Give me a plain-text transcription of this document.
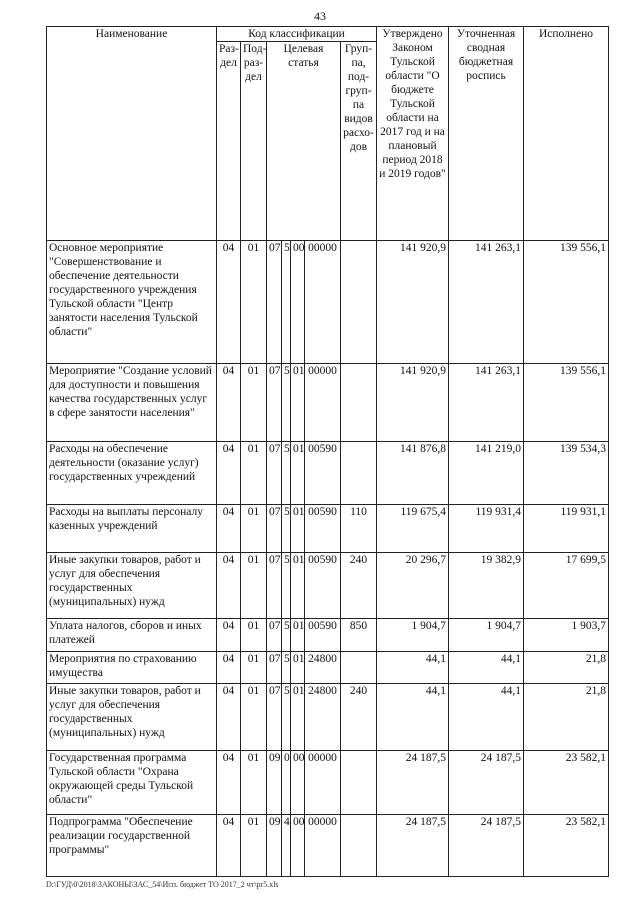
43
Наименование	Код классификации							Утверждено Законом Тульской области "О бюджете Тульской области на 2017 год и на плановый период 2018 и 2019 годов"	Уточненная сводная бюджетная роспись	Исполнено
	Раз-дел	Под-раз-дел	Целевая статья				Груп-па, под-груп-па видов расхо-дов			
Основное мероприятие "Совершенствование и обеспечение деятельности государственного учреждения Тульской области "Центр занятости населения Тульской области"	04	01	07	5	00	00000		141 920,9	141 263,1	139 556,1
Мероприятие "Создание условий для доступности и повышения качества государственных услуг в сфере занятости населения"	04	01	07	5	01	00000		141 920,9	141 263,1	139 556,1
Расходы на обеспечение деятельности (оказание услуг) государственных учреждений	04	01	07	5	01	00590		141 876,8	141 219,0	139 534,3
Расходы на выплаты персоналу казенных учреждений	04	01	07	5	01	00590	110	119 675,4	119 931,4	119 931,1
Иные закупки товаров, работ и услуг для обеспечения государственных (муниципальных) нужд	04	01	07	5	01	00590	240	20 296,7	19 382,9	17 699,5
Уплата налогов, сборов и иных платежей	04	01	07	5	01	00590	850	1 904,7	1 904,7	1 903,7
Мероприятия по страхованию имущества	04	01	07	5	01	24800		44,1	44,1	21,8
Иные закупки товаров, работ и услуг для обеспечения государственных (муниципальных) нужд	04	01	07	5	01	24800	240	44,1	44,1	21,8
Государственная программа Тульской области "Охрана окружающей среды Тульской области"	04	01	09	0	00	00000		24 187,5	24 187,5	23 582,1
Подпрограмма "Обеспечение реализации государственной программы"	04	01	09	4	00	00000		24 187,5	24 187,5	23 582,1
D:\ГУД\0\2018\ЗАКОНЫ\ЗАС_54\Исп. бюджет ТО 2017_2 чт\pr5.xls
